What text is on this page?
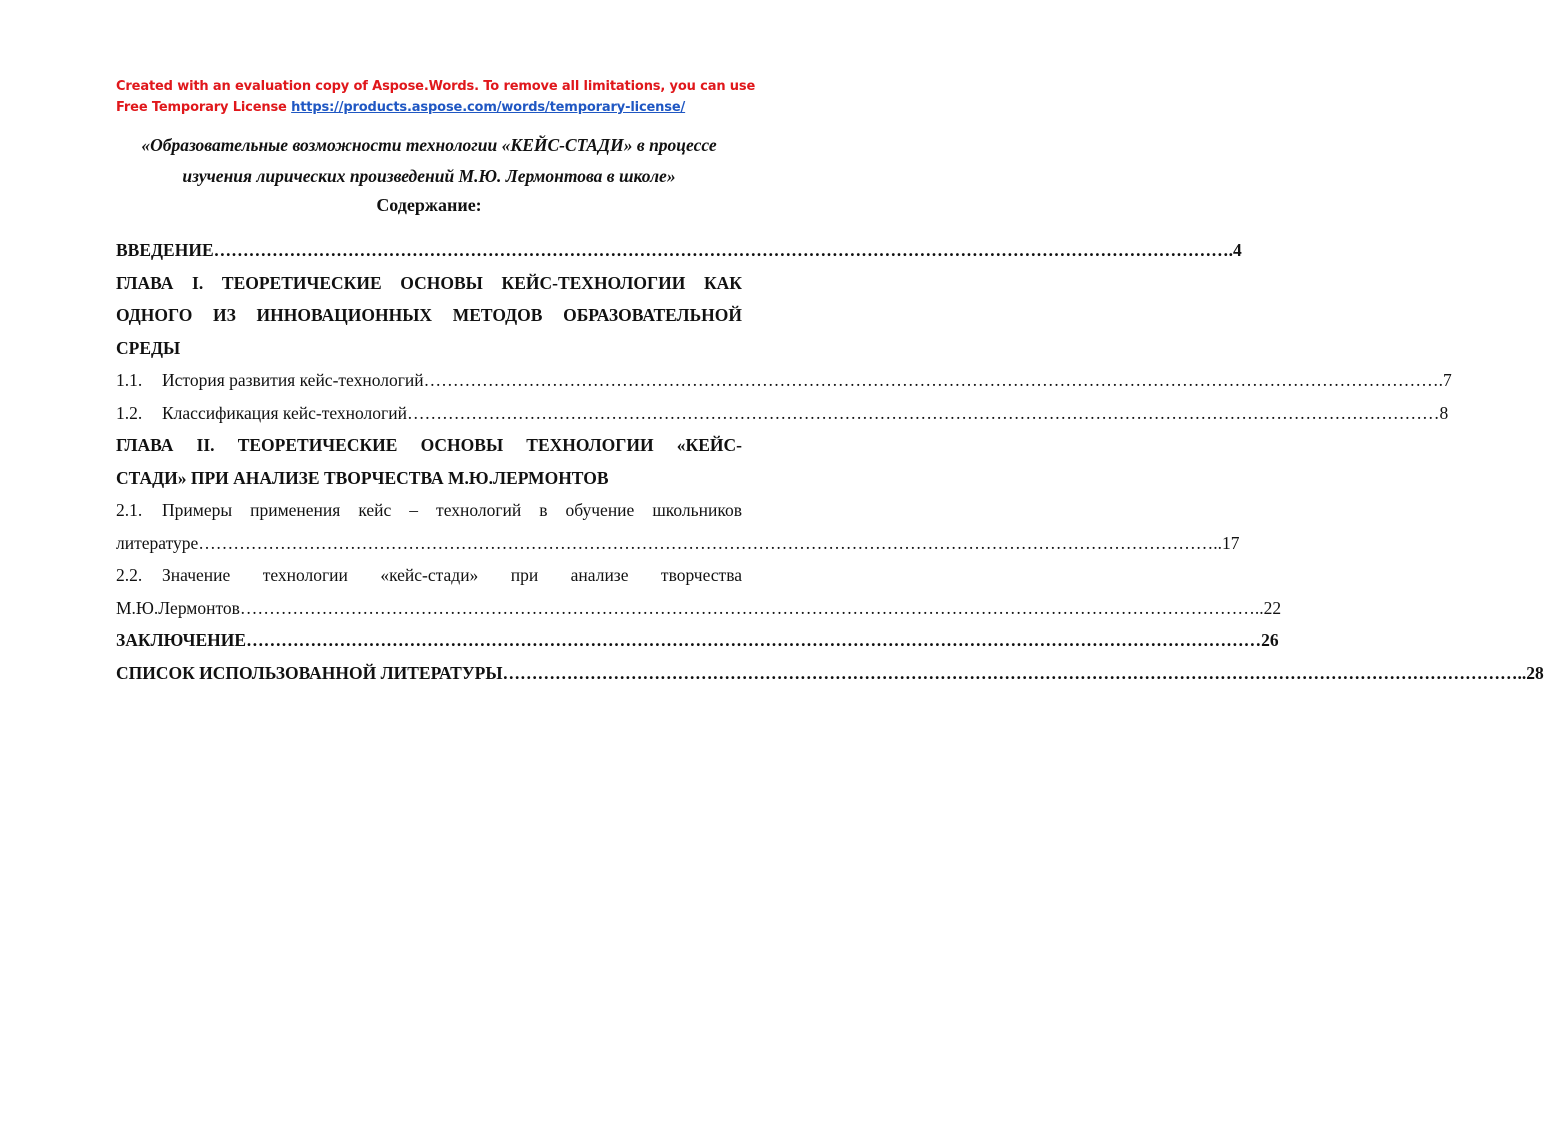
Created with an evaluation copy of Aspose.Words. To remove all limitations, you can use
Free Temporary License https://products.aspose.com/words/temporary-license/
«Образовательные возможности технологии «КЕЙС-СТАДИ» в процессе
изучения лирических произведений М.Ю. Лермонтова в школе»
Содержание:
ВВЕДЕНИЕ …………………………………………………………………………………………………………………………………………………………	.4
ГЛАВА I. ТЕОРЕТИЧЕСКИЕ ОСНОВЫ КЕЙС-ТЕХНОЛОГИИ КАК
ОДНОГО ИЗ ИННОВАЦИОННЫХ МЕТОДОВ ОБРАЗОВАТЕЛЬНОЙ
СРЕДЫ
1.1.	История развития кейс-технологий …………………………………………………………………………………………………………………………………………………………	.7
1.2.	Классификация кейс-технологий …………………………………………………………………………………………………………………………………………………………	…8
ГЛАВА II. ТЕОРЕТИЧЕСКИЕ ОСНОВЫ ТЕХНОЛОГИИ «КЕЙС-
СТАДИ» ПРИ АНАЛИЗЕ ТВОРЧЕСТВА М.Ю.ЛЕРМОНТОВ
2.1. Примеры применения кейс – технологий в обучение школьников
литературе …………………………………………………………………………………………………………………………………………………………	..17
2.2. Значение технологии «кейс-стади» при анализе творчества
М.Ю.Лермонтов …………………………………………………………………………………………………………………………………………………………	..22
ЗАКЛЮЧЕНИЕ …………………………………………………………………………………………………………………………………………………………	26
СПИСОК ИСПОЛЬЗОВАННОЙ ЛИТЕРАТУРЫ …………………………………………………………………………………………………………………………………………………………	..28
